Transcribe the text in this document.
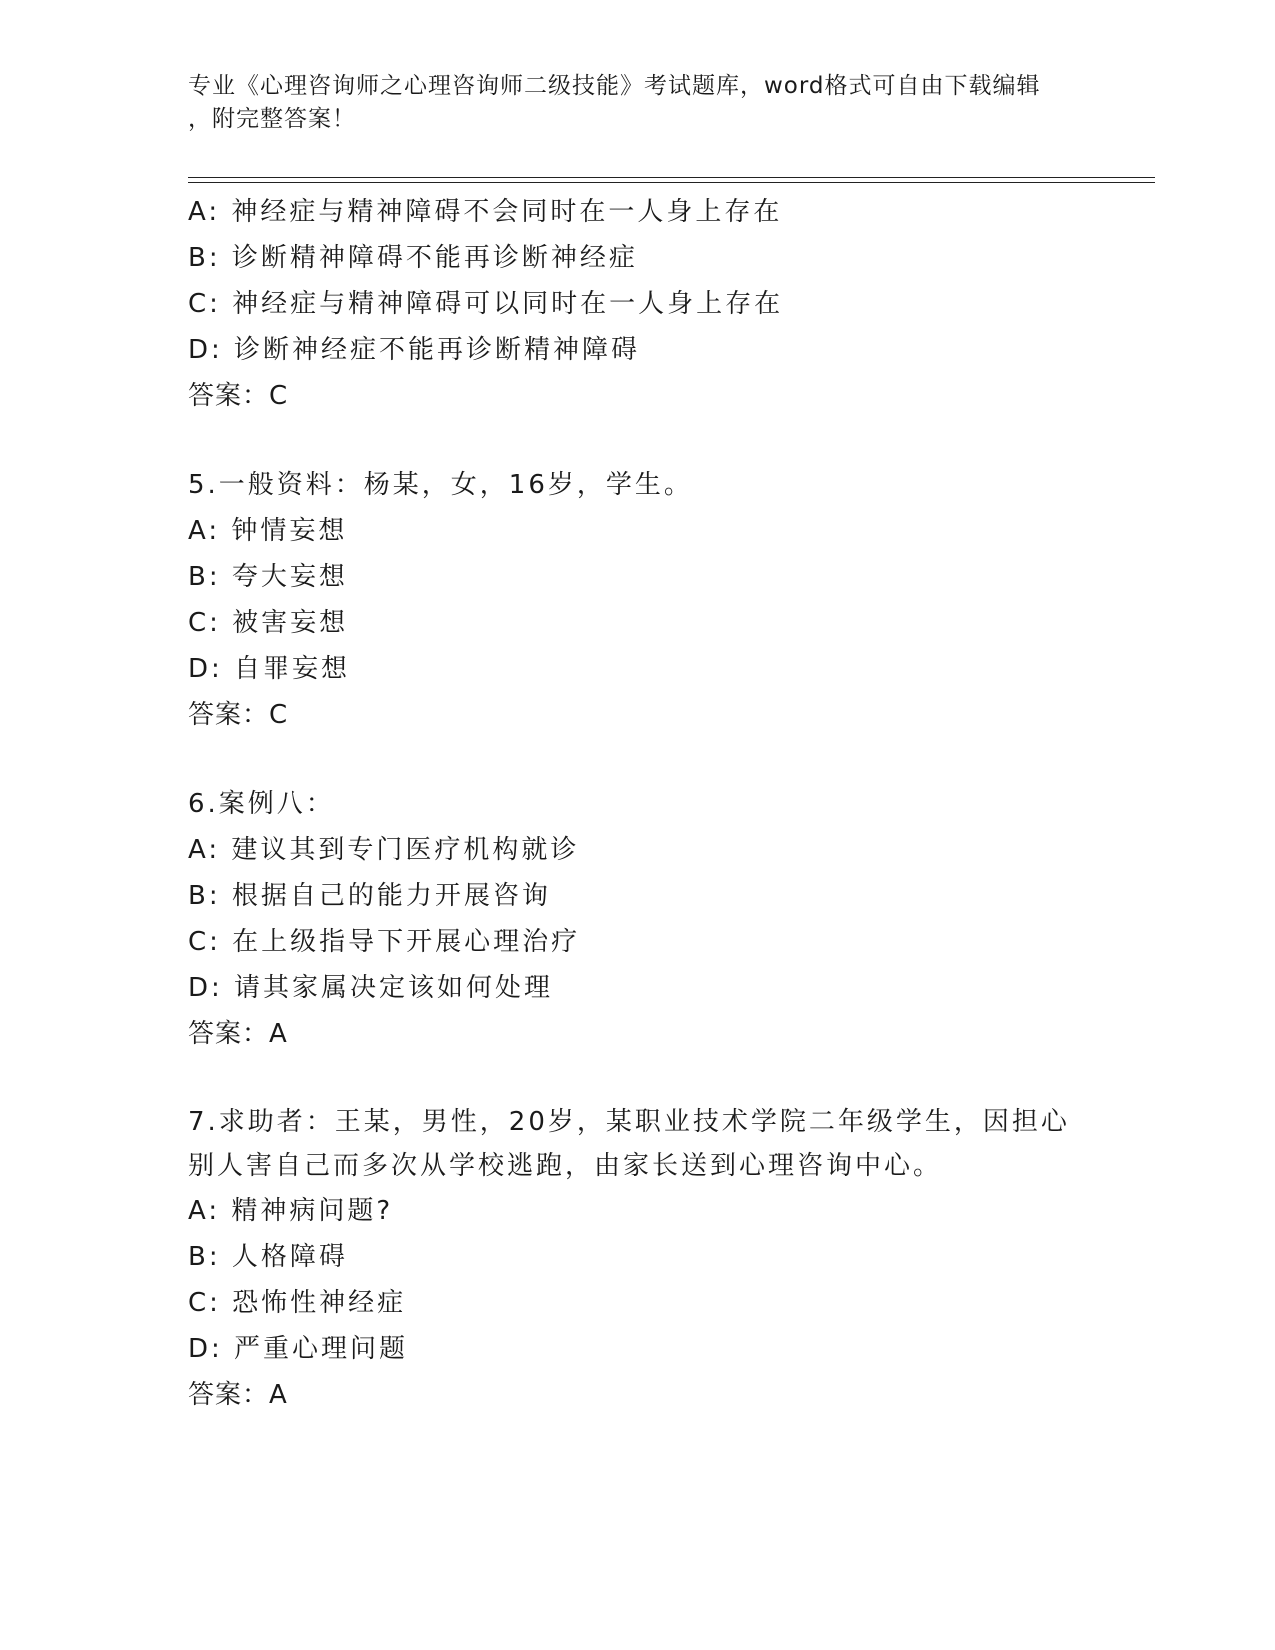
专业《心理咨询师之心理咨询师二级技能》考试题库，word格式可自由下载编辑
，附完整答案！
A: 神经症与精神障碍不会同时在一人身上存在
B: 诊断精神障碍不能再诊断神经症
C: 神经症与精神障碍可以同时在一人身上存在
D: 诊断神经症不能再诊断精神障碍
答案：C
5.一般资料：杨某，女，16岁，学生。
A: 钟情妄想
B: 夸大妄想
C: 被害妄想
D: 自罪妄想
答案：C
6.案例八：
A: 建议其到专门医疗机构就诊
B: 根据自己的能力开展咨询
C: 在上级指导下开展心理治疗
D: 请其家属决定该如何处理
答案：A
7.求助者：王某，男性，20岁，某职业技术学院二年级学生，因担心
别人害自己而多次从学校逃跑，由家长送到心理咨询中心。
A: 精神病问题?
B: 人格障碍
C: 恐怖性神经症
D: 严重心理问题
答案：A
